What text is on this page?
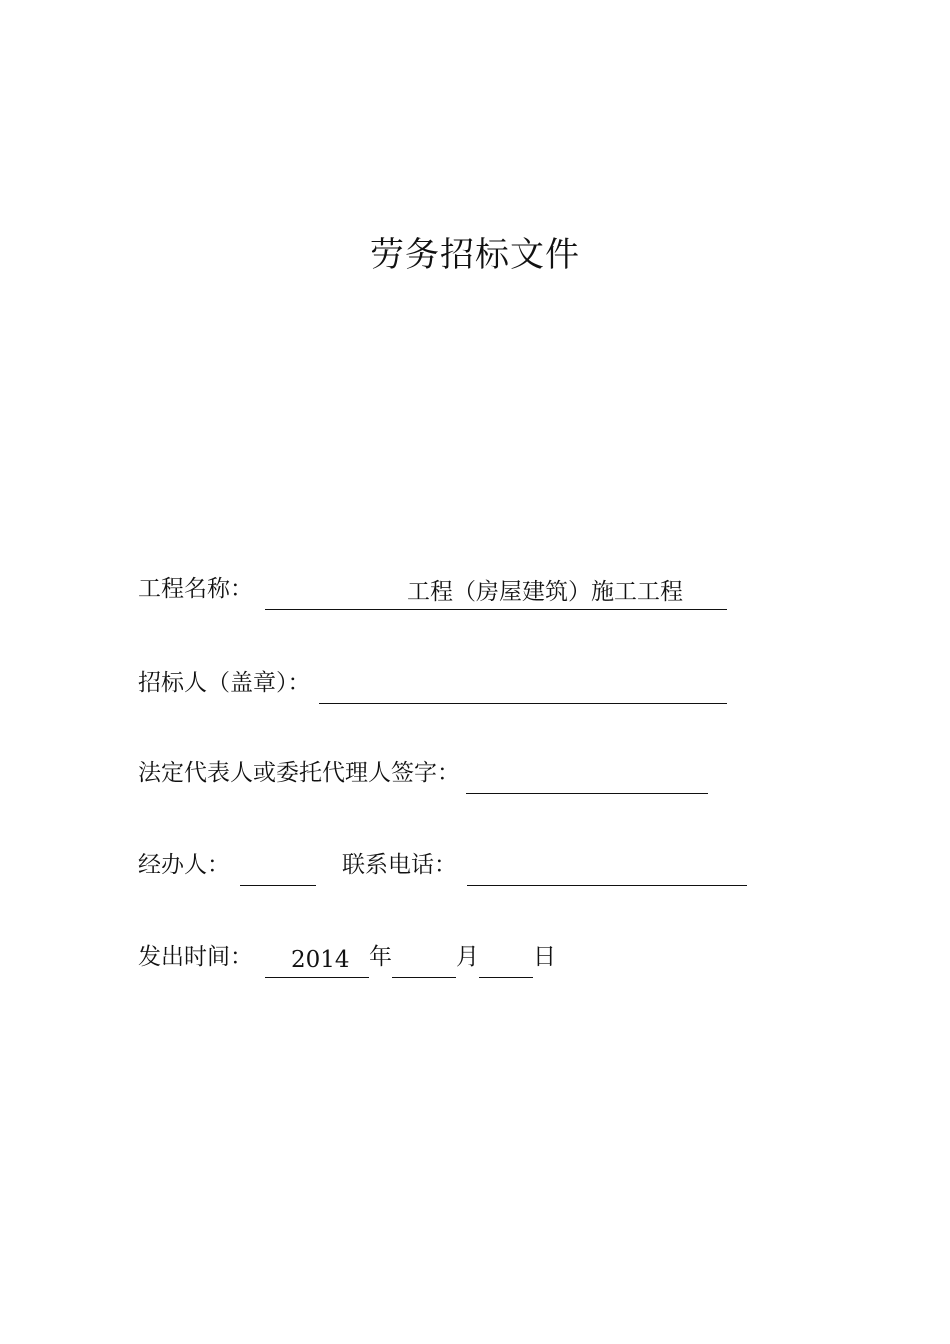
劳务招标文件
工程名称：	工程（房屋建筑）施工工程
招标人（盖章）：
法定代表人或委托代理人签字：
经办人：	联系电话：
发出时间： 2014 年	月 日
